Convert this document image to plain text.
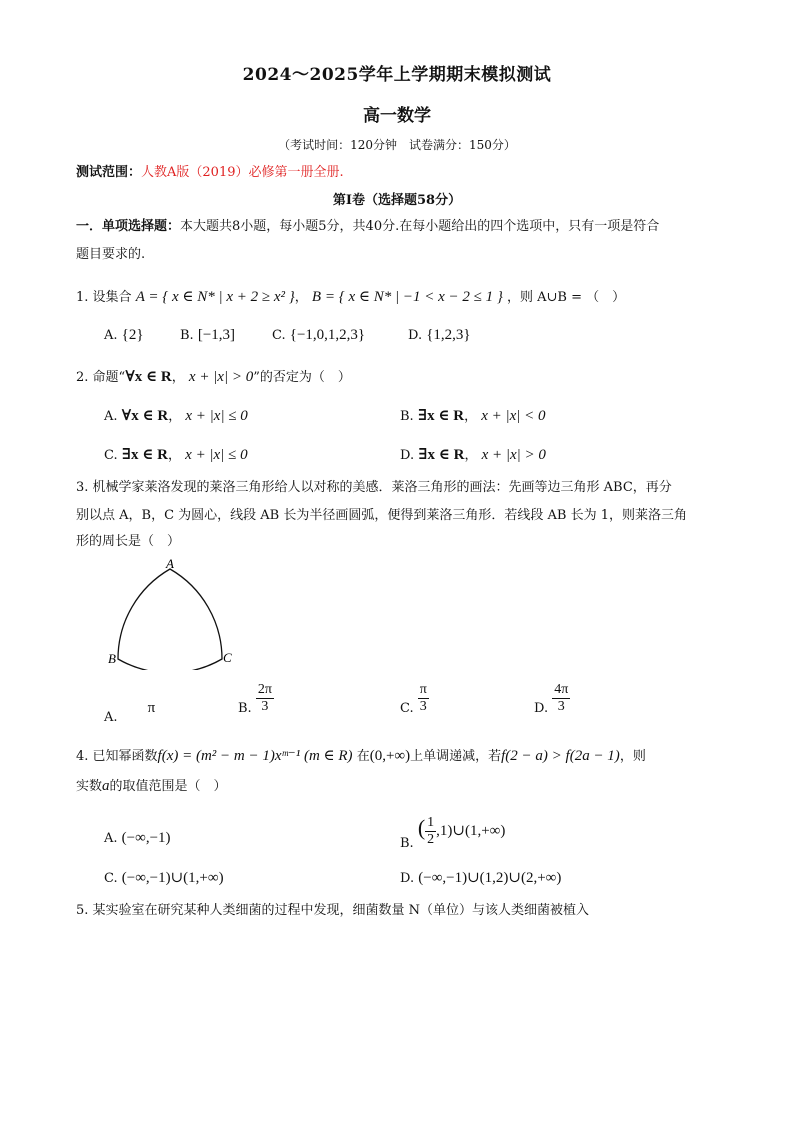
2024～2025学年上学期期末模拟测试
高一数学
（考试时间：120分钟　试卷满分：150分）
测试范围：人教A版（2019）必修第一册全册.
第Ⅰ卷（选择题58分）
一．单项选择题：本大题共8小题，每小题5分，共40分.在每小题给出的四个选项中，只有一项是符合
题目要求的.
1. 设集合 A = { x ∈ N* | x + 2 ≥ x² }， B = { x ∈ N* | −1 < x − 2 ≤ 1 } ，则 A∪B = （　）
A. {2}	B. [−1,3]	C. {−1,0,1,2,3}	D. {1,2,3}
2. 命题“∀x ∈ R， x + |x| > 0”的否定为（　）
A. ∀x ∈ R， x + |x| ≤ 0	B. ∃x ∈ R， x + |x| < 0
C. ∃x ∈ R， x + |x| ≤ 0	D. ∃x ∈ R， x + |x| > 0
3. 机械学家莱洛发现的莱洛三角形给人以对称的美感．莱洛三角形的画法：先画等边三角形 ABC，再分
别以点 A，B，C 为圆心，线段 AB 长为半径画圆弧，便得到莱洛三角形．若线段 AB 长为 1，则莱洛三角
形的周长是（　）
A
B	C
A. π	B. $\frac{2\pi}{3}$	C. $\frac{\pi}{3}$	D. $\frac{4\pi}{3}$
4. 已知幂函数f(x) = (m² − m − 1)xᵐ⁻¹ (m ∈ R) 在(0,+∞)上单调递减，若f(2 − a) > f(2a − 1)，则
实数a的取值范围是（　）
A. (−∞,−1)	B. ( $\frac{1}{2}$ ,1)∪(1,+∞)
C. (−∞,−1)∪(1,+∞)	D. (−∞,−1)∪(1,2)∪(2,+∞)
5. 某实验室在研究某种人类细菌的过程中发现，细菌数量 N（单位）与该人类细菌被植入
